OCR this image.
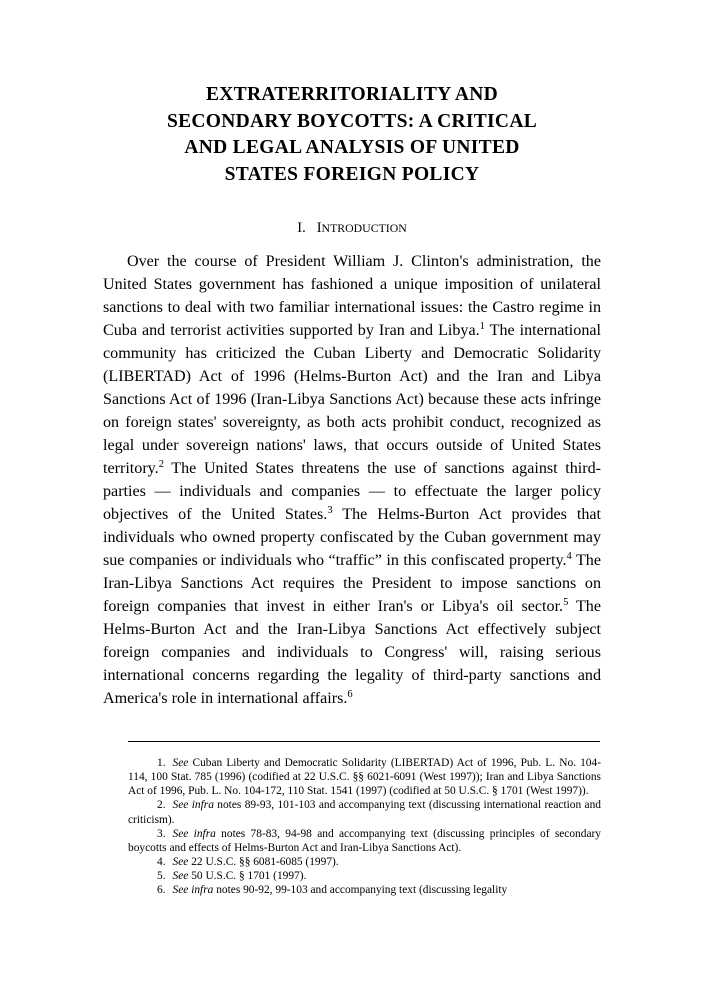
EXTRATERRITORIALITY AND
SECONDARY BOYCOTTS: A CRITICAL
AND LEGAL ANALYSIS OF UNITED
STATES FOREIGN POLICY
I. INTRODUCTION

Over the course of President William J. Clinton's administration, the United States government has fashioned a unique imposition of unilateral sanctions to deal with two familiar international issues: the Castro regime in Cuba and terrorist activities supported by Iran and Libya.$^1$ The international community has criticized the Cuban Liberty and Democratic Solidarity (LIBERTAD) Act of 1996 (Helms-Burton Act) and the Iran and Libya Sanctions Act of 1996 (Iran-Libya Sanctions Act) because these acts infringe on foreign states' sovereignty, as both acts prohibit conduct, recognized as legal under sovereign nations' laws, that occurs outside of United States territory.$^2$ The United States threatens the use of sanctions against third-parties — individuals and companies — to effectuate the larger policy objectives of the United States.$^3$ The Helms-Burton Act provides that individuals who owned property confiscated by the Cuban government may sue companies or individuals who “traffic” in this confiscated property.$^4$ The Iran-Libya Sanctions Act requires the President to impose sanctions on foreign companies that invest in either Iran's or Libya's oil sector.$^5$ The Helms-Burton Act and the Iran-Libya Sanctions Act effectively subject foreign companies and individuals to Congress' will, raising serious international concerns regarding the legality of third-party sanctions and America's role in international affairs.$^6$

1. See Cuban Liberty and Democratic Solidarity (LIBERTAD) Act of 1996, Pub. L. No. 104-114, 100 Stat. 785 (1996) (codified at 22 U.S.C. §§ 6021-6091 (West 1997)); Iran and Libya Sanctions Act of 1996, Pub. L. No. 104-172, 110 Stat. 1541 (1997) (codified at 50 U.S.C. § 1701 (West 1997)).

2. See infra notes 89-93, 101-103 and accompanying text (discussing international reaction and criticism).

3. See infra notes 78-83, 94-98 and accompanying text (discussing principles of secondary boycotts and effects of Helms-Burton Act and Iran-Libya Sanctions Act).

4. See 22 U.S.C. §§ 6081-6085 (1997).

5. See 50 U.S.C. § 1701 (1997).

6. See infra notes 90-92, 99-103 and accompanying text (discussing legality
